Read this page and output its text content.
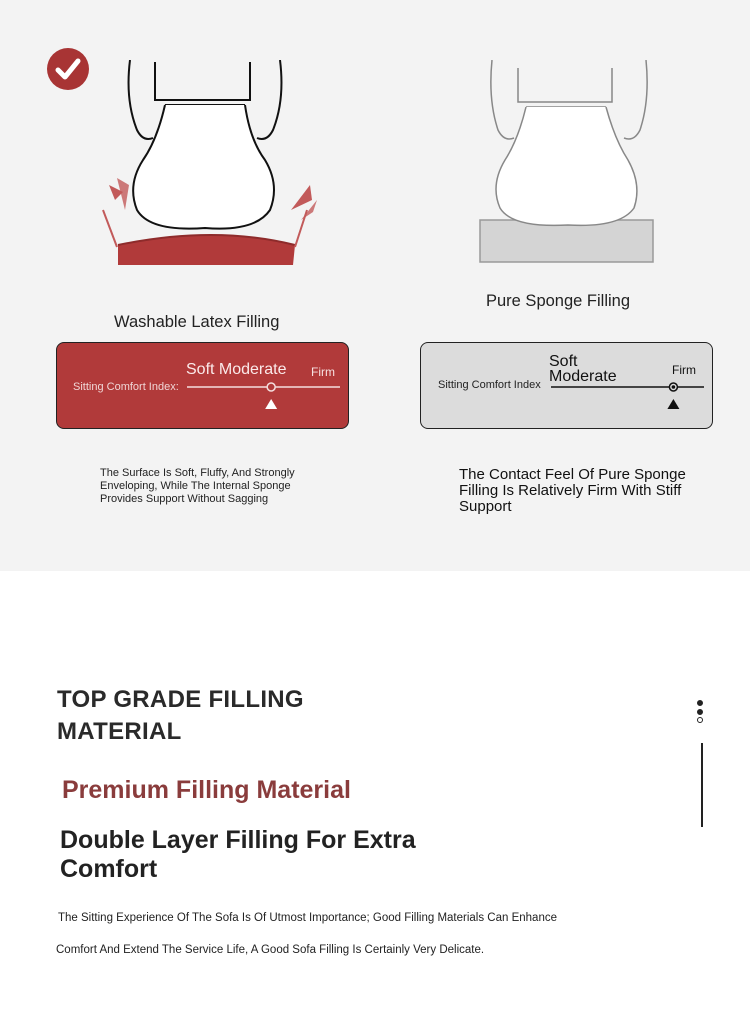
Washable Latex Filling
Pure Sponge Filling
Sitting Comfort Index:
Soft Moderate Firm
Sitting Comfort Index
Soft
Moderate	Firm
The Surface Is Soft, Fluffy, And Strongly Enveloping, While The Internal Sponge Provides Support Without Sagging
The Contact Feel Of Pure Sponge Filling Is Relatively Firm With Stiff Support
TOP GRADE FILLING
MATERIAL
Premium Filling Material
Double Layer Filling For Extra Comfort
The Sitting Experience Of The Sofa Is Of Utmost Importance; Good Filling Materials Can Enhance
Comfort And Extend The Service Life, A Good Sofa Filling Is Certainly Very Delicate.
